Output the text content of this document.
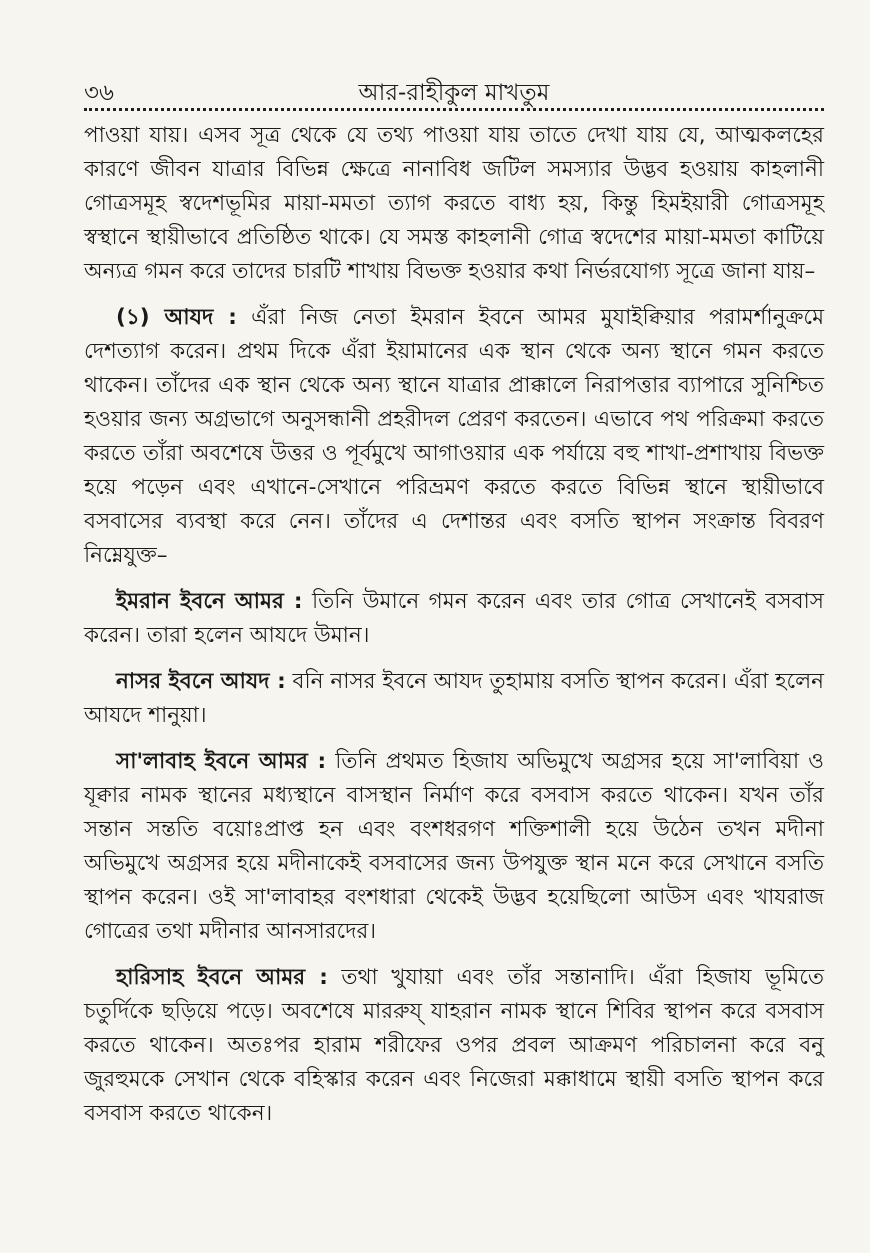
৩৬	আর-রাহীকুল মাখতুম

পাওয়া যায়। এসব সূত্র থেকে যে তথ্য পাওয়া যায় তাতে দেখা যায় যে, আত্মকলহের কারণে জীবন যাত্রার বিভিন্ন ক্ষেত্রে নানাবিধ জটিল সমস্যার উদ্ভব হওয়ায় কাহলানী গোত্রসমূহ স্বদেশভূমির মায়া-মমতা ত্যাগ করতে বাধ্য হয়, কিন্তু হিমইয়ারী গোত্রসমূহ স্বস্থানে স্থায়ীভাবে প্রতিষ্ঠিত থাকে। যে সমস্ত কাহলানী গোত্র স্বদেশের মায়া-মমতা কাটিয়ে অন্যত্র গমন করে তাদের চারটি শাখায় বিভক্ত হওয়ার কথা নির্ভরযোগ্য সূত্রে জানা যায়–

(১) আযদ : এঁরা নিজ নেতা ইমরান ইবনে আমর মুযাইক্বিয়ার পরামর্শানুক্রমে দেশত্যাগ করেন। প্রথম দিকে এঁরা ইয়ামানের এক স্থান থেকে অন্য স্থানে গমন করতে থাকেন। তাঁদের এক স্থান থেকে অন্য স্থানে যাত্রার প্রাক্কালে নিরাপত্তার ব্যাপারে সুনিশ্চিত হওয়ার জন্য অগ্রভাগে অনুসন্ধানী প্রহরীদল প্রেরণ করতেন। এভাবে পথ পরিক্রমা করতে করতে তাঁরা অবশেষে উত্তর ও পূর্বমুখে আগাওয়ার এক পর্যায়ে বহু শাখা-প্রশাখায় বিভক্ত হয়ে পড়েন এবং এখানে-সেখানে পরিভ্রমণ করতে করতে বিভিন্ন স্থানে স্থায়ীভাবে বসবাসের ব্যবস্থা করে নেন। তাঁদের এ দেশান্তর এবং বসতি স্থাপন সংক্রান্ত বিবরণ নিম্নেযুক্ত–

ইমরান ইবনে আমর : তিনি উমানে গমন করেন এবং তার গোত্র সেখানেই বসবাস করেন। তারা হলেন আযদে উমান।

নাসর ইবনে আযদ : বনি নাসর ইবনে আযদ তুহামায় বসতি স্থাপন করেন। এঁরা হলেন আযদে শানুয়া।

সা'লাবাহ ইবনে আমর : তিনি প্রথমত হিজায অভিমুখে অগ্রসর হয়ে সা'লাবিয়া ও যূক্বার নামক স্থানের মধ্যস্থানে বাসস্থান নির্মাণ করে বসবাস করতে থাকেন। যখন তাঁর সন্তান সন্ততি বয়োঃপ্রাপ্ত হন এবং বংশধরগণ শক্তিশালী হয়ে উঠেন তখন মদীনা অভিমুখে অগ্রসর হয়ে মদীনাকেই বসবাসের জন্য উপযুক্ত স্থান মনে করে সেখানে বসতি স্থাপন করেন। ওই সা'লাবাহর বংশধারা থেকেই উদ্ভব হয়েছিলো আউস এবং খাযরাজ গোত্রের তথা মদীনার আনসারদের।

হারিসাহ ইবনে আমর : তথা খুযায়া এবং তাঁর সন্তানাদি। এঁরা হিজায ভূমিতে চতুর্দিকে ছড়িয়ে পড়ে। অবশেষে মাররুয্ যাহরান নামক স্থানে শিবির স্থাপন করে বসবাস করতে থাকেন। অতঃপর হারাম শরীফের ওপর প্রবল আক্রমণ পরিচালনা করে বনু জুরহুমকে সেখান থেকে বহিস্কার করেন এবং নিজেরা মক্কাধামে স্থায়ী বসতি স্থাপন করে বসবাস করতে থাকেন।
